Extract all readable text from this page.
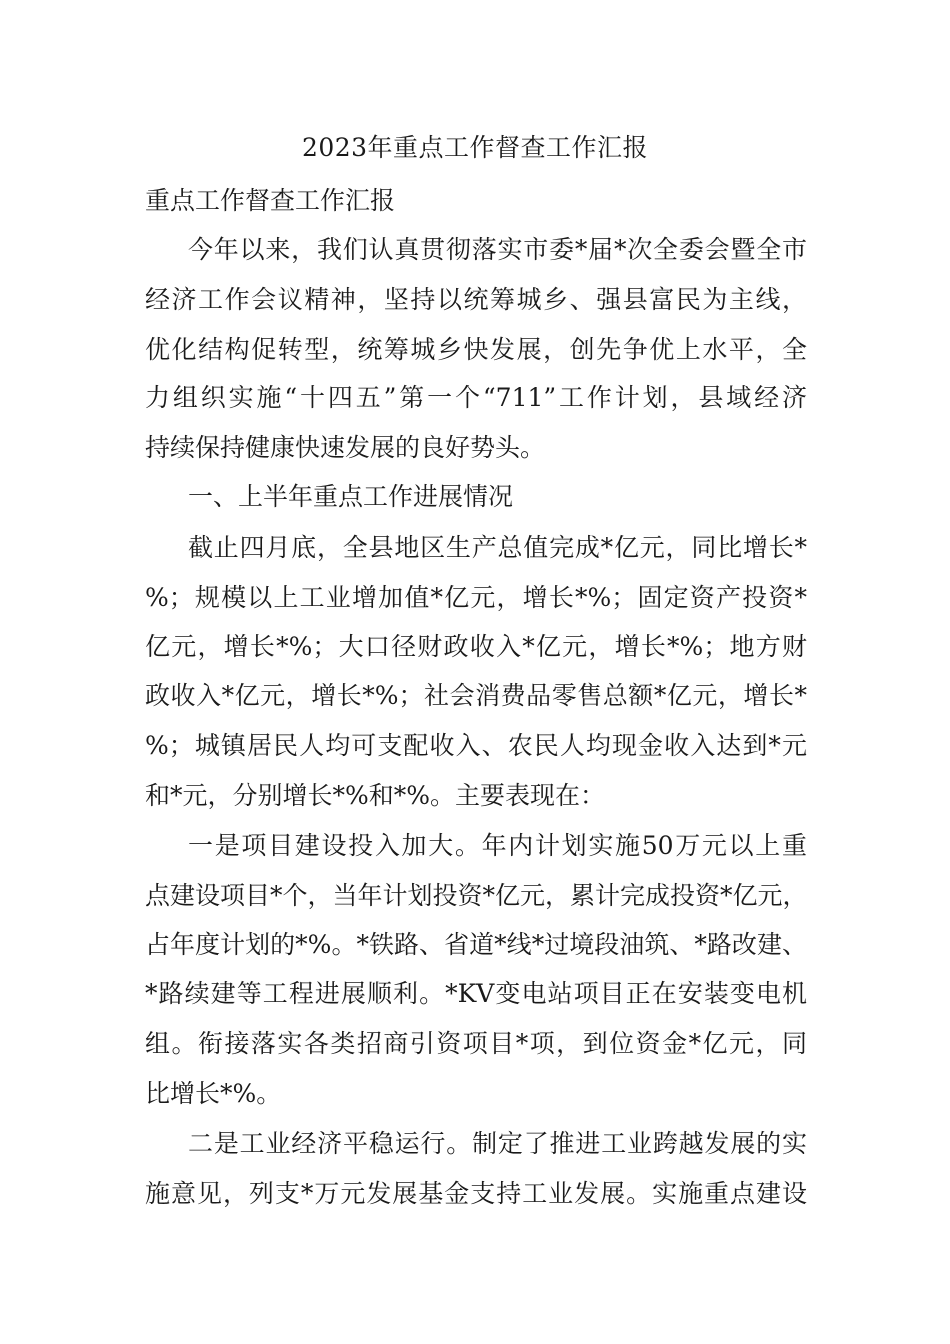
2023年重点工作督查工作汇报
重点工作督查工作汇报
今年以来，我们认真贯彻落实市委*届*次全委会暨全市
经济工作会议精神，坚持以统筹城乡、强县富民为主线，
优化结构促转型，统筹城乡快发展，创先争优上水平，全
力组织实施“十四五”第一个“711”工作计划，县域经济
持续保持健康快速发展的良好势头。
一、上半年重点工作进展情况
截止四月底，全县地区生产总值完成*亿元，同比增长*
%；规模以上工业增加值*亿元，增长*%；固定资产投资*
亿元，增长*%；大口径财政收入*亿元，增长*%；地方财
政收入*亿元，增长*%；社会消费品零售总额*亿元，增长*
%；城镇居民人均可支配收入、农民人均现金收入达到*元
和*元，分别增长*%和*%。主要表现在：
一是项目建设投入加大。年内计划实施50万元以上重
点建设项目*个，当年计划投资*亿元，累计完成投资*亿元，
占年度计划的*%。*铁路、省道*线*过境段油筑、*路改建、
*路续建等工程进展顺利。*KV变电站项目正在安装变电机
组。衔接落实各类招商引资项目*项，到位资金*亿元，同
比增长*%。
二是工业经济平稳运行。制定了推进工业跨越发展的实
施意见，列支*万元发展基金支持工业发展。实施重点建设
